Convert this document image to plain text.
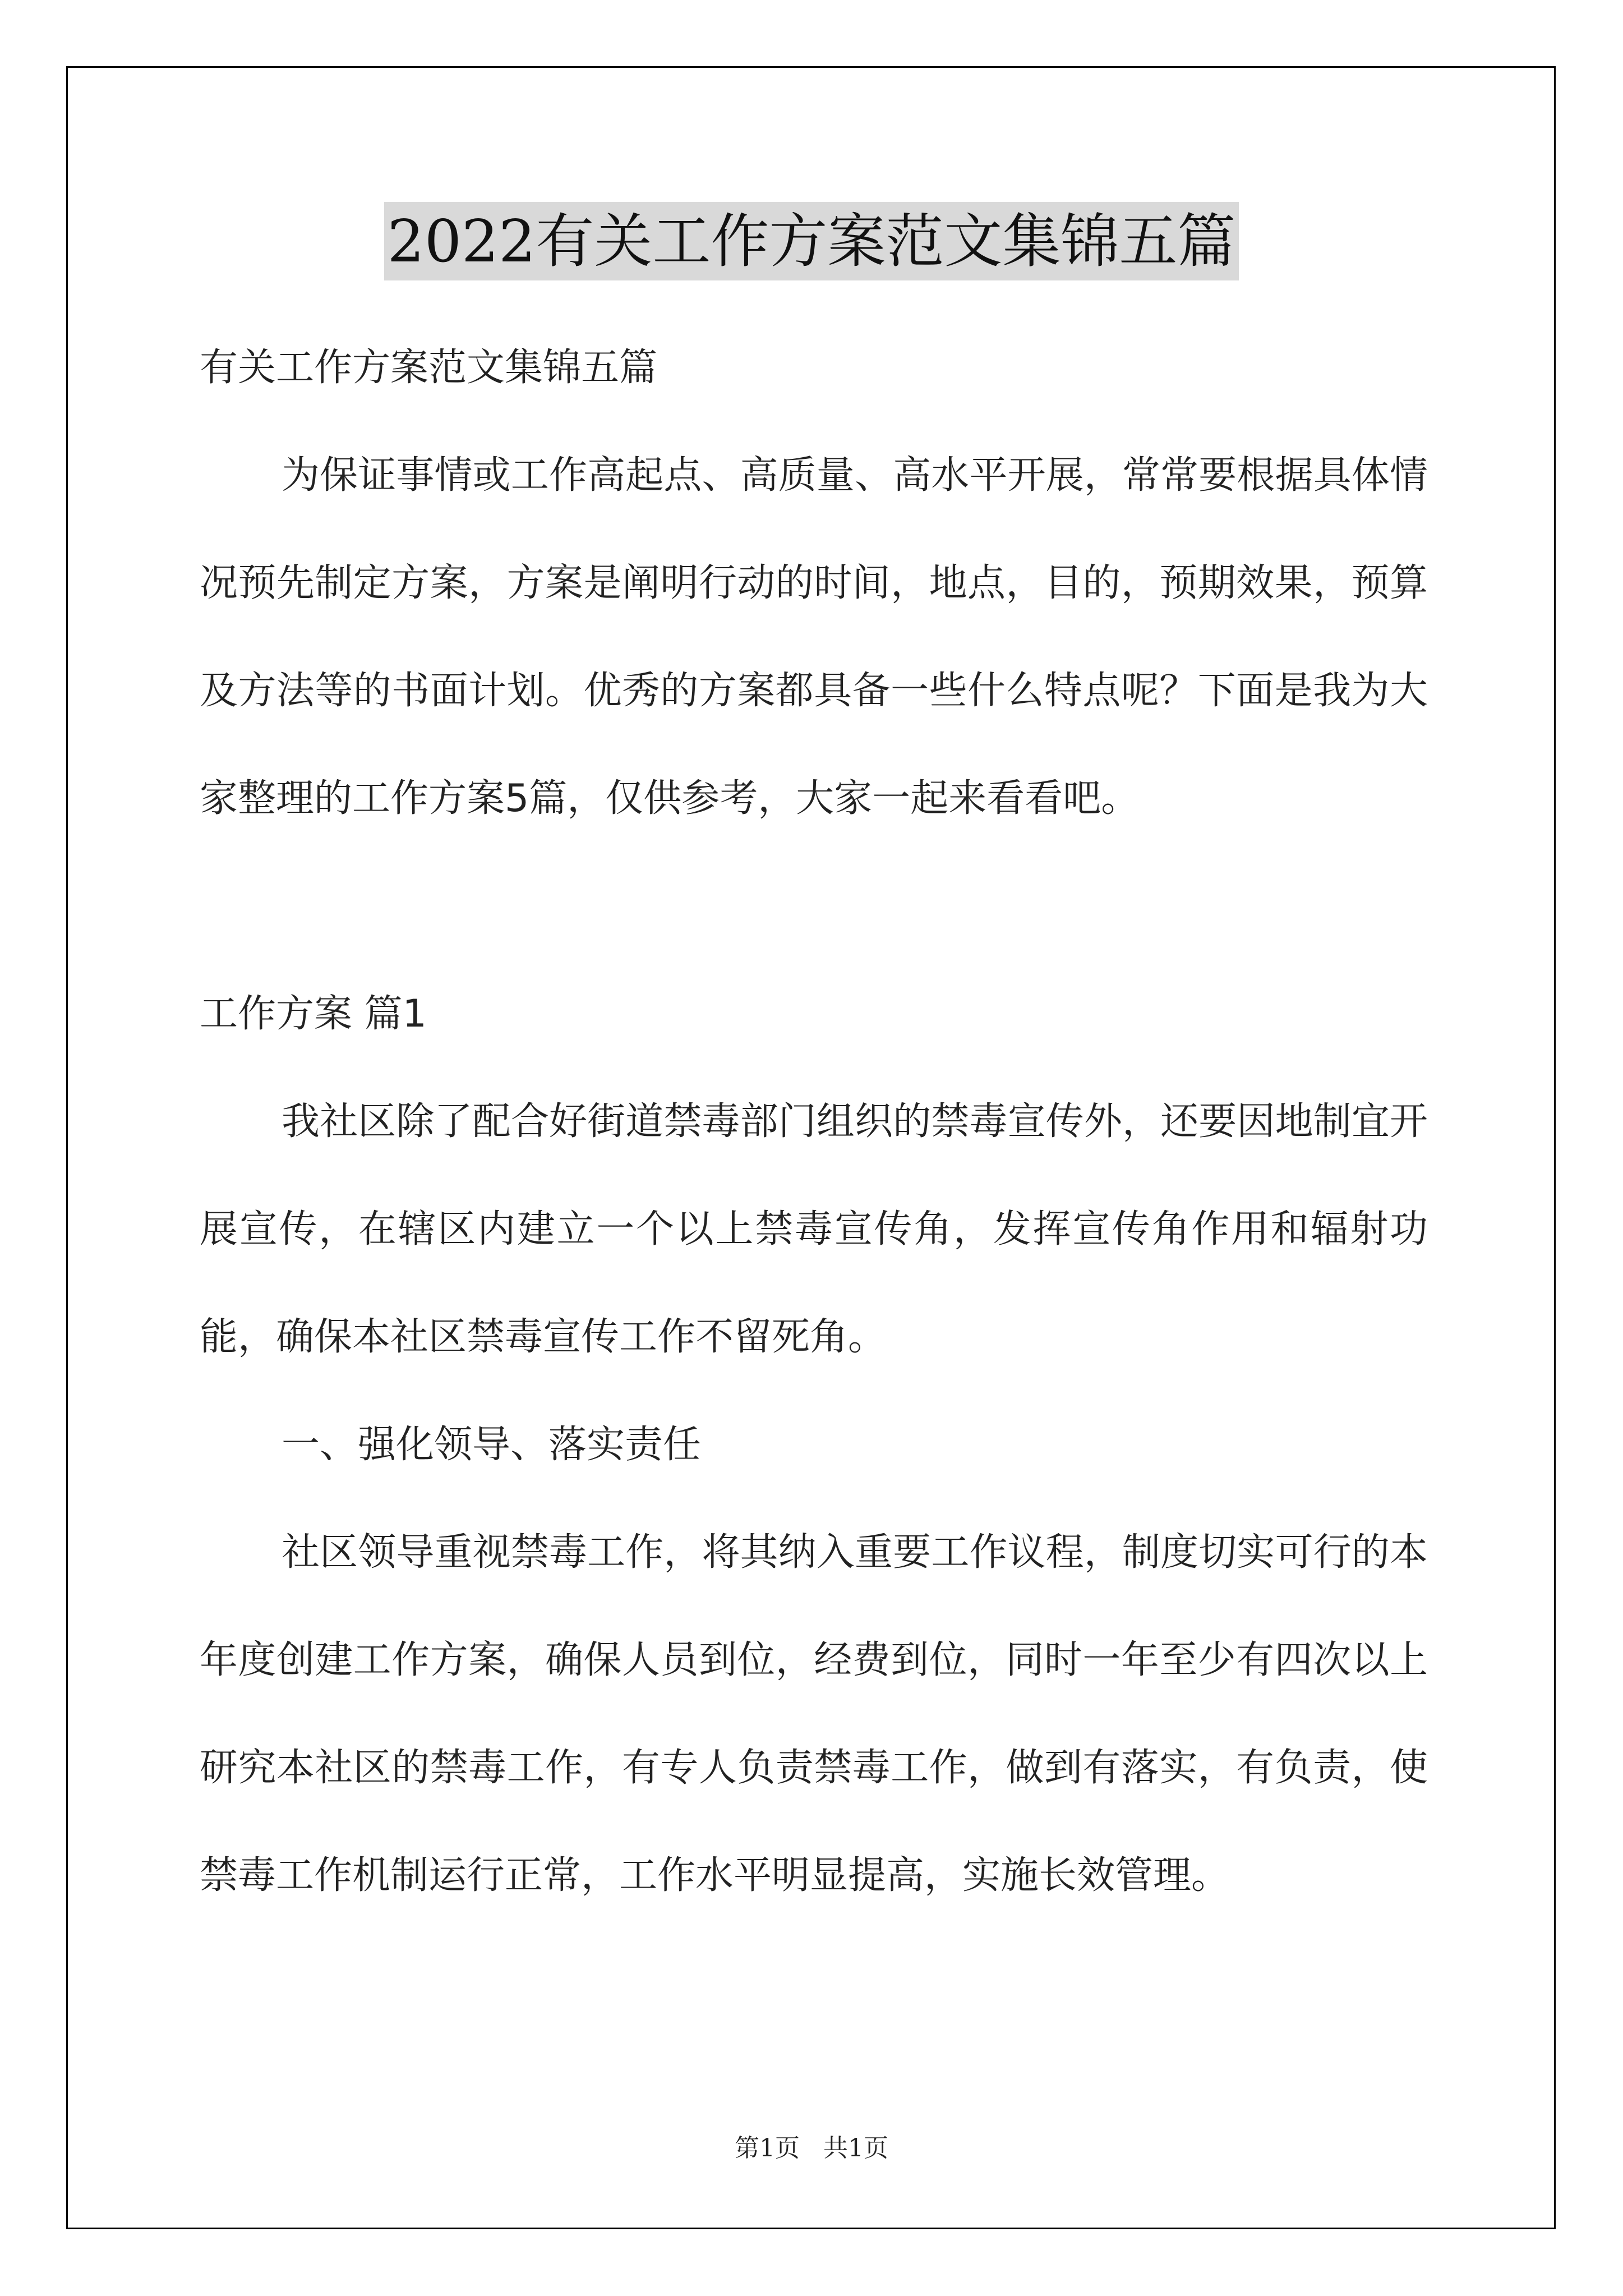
2022有关工作方案范文集锦五篇

有关工作方案范文集锦五篇

为保证事情或工作高起点、高质量、高水平开展，常常要根据具体情况预先制定方案，方案是阐明行动的时间，地点，目的，预期效果，预算及方法等的书面计划。优秀的方案都具备一些什么特点呢？下面是我为大家整理的工作方案5篇，仅供参考，大家一起来看看吧。

工作方案 篇1

我社区除了配合好街道禁毒部门组织的禁毒宣传外，还要因地制宜开展宣传，在辖区内建立一个以上禁毒宣传角，发挥宣传角作用和辐射功能，确保本社区禁毒宣传工作不留死角。

一、强化领导、落实责任

社区领导重视禁毒工作，将其纳入重要工作议程，制度切实可行的本年度创建工作方案，确保人员到位，经费到位，同时一年至少有四次以上研究本社区的禁毒工作，有专人负责禁毒工作，做到有落实，有负责，使禁毒工作机制运行正常，工作水平明显提高，实施长效管理。

第1页 共1页
